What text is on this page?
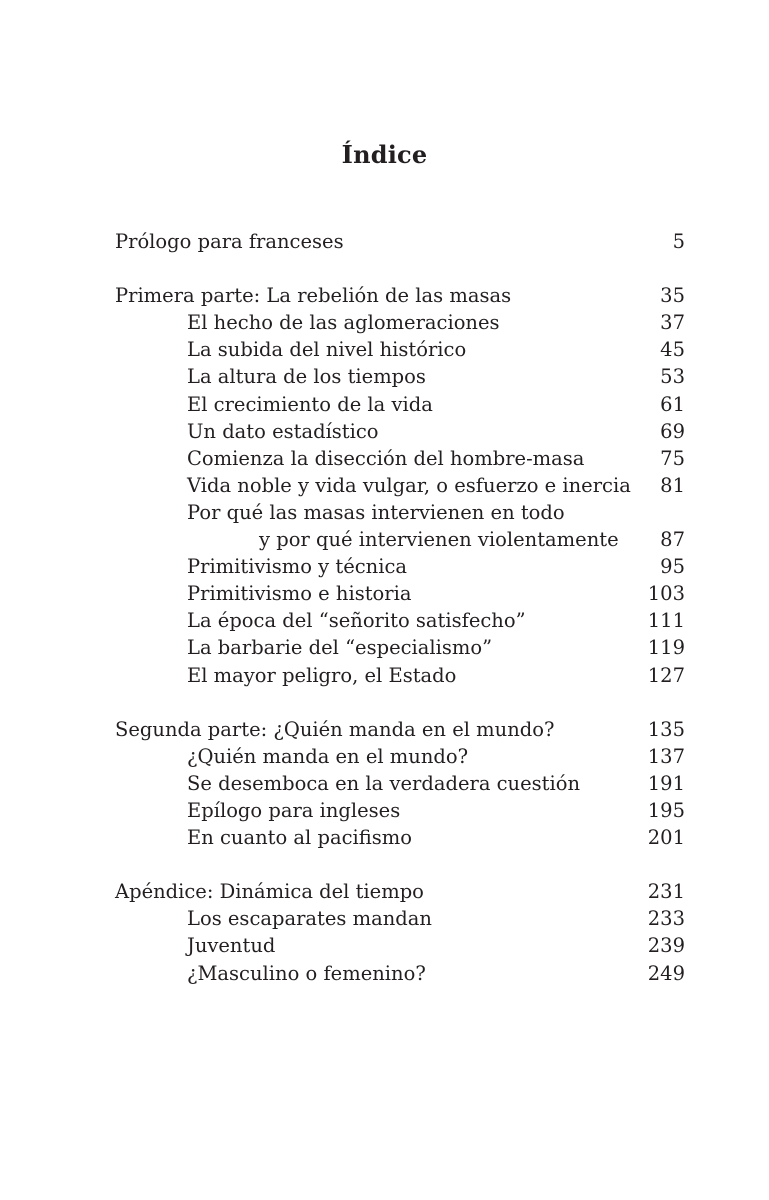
Índice
Prólogo para franceses	5
Primera parte: La rebelión de las masas	35
El hecho de las aglomeraciones	37
La subida del nivel histórico	45
La altura de los tiempos	53
El crecimiento de la vida	61
Un dato estadístico	69
Comienza la disección del hombre-masa	75
Vida noble y vida vulgar, o esfuerzo e inercia 81
Por qué las masas intervienen en todo
y por qué intervienen violentamente 87
Primitivismo y técnica	95
Primitivismo e historia	103
La época del “señorito satisfecho”	111
La barbarie del “especialismo”	119
El mayor peligro, el Estado	127
Segunda parte: ¿Quién manda en el mundo?	135
¿Quién manda en el mundo?	137
Se desemboca en la verdadera cuestión	191
Epílogo para ingleses	195
En cuanto al pacifismo	201
Apéndice: Dinámica del tiempo	231
Los escaparates mandan	233
Juventud	239
¿Masculino o femenino?	249
